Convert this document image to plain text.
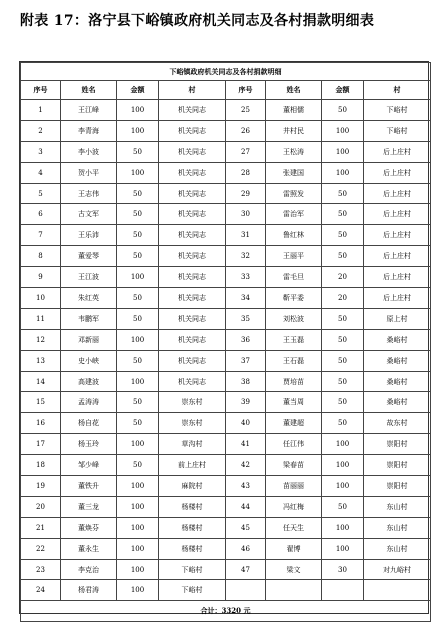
附表 17：洛宁县下峪镇政府机关同志及各村捐款明细表
下峪镇政府机关同志及各村捐款明细							
序号	姓名	金额	村	序号	姓名	金额	村
1	王江峰	100	机关同志	25	董相儒	50	下峪村
2	李青海	100	机关同志	26	井村民	100	下峪村
3	李小波	50	机关同志	27	王松涛	100	后上庄村
4	贺小平	100	机关同志	28	张建国	100	后上庄村
5	王志伟	50	机关同志	29	雷照发	50	后上庄村
6	古文军	50	机关同志	30	雷治军	50	后上庄村
7	王乐沛	50	机关同志	31	鲁红林	50	后上庄村
8	董爱琴	50	机关同志	32	王丽平	50	后上庄村
9	王江波	100	机关同志	33	雷毛旦	20	后上庄村
10	朱红英	50	机关同志	34	靳平委	20	后上庄村
11	韦鹏军	50	机关同志	35	刘松波	50	原上村
12	邓新丽	100	机关同志	36	王玉磊	50	桑峪村
13	史小峡	50	机关同志	37	王石磊	50	桑峪村
14	高建波	100	机关同志	38	贾培苗	50	桑峪村
15	孟涛涛	50	崇东村	39	董当周	50	桑峪村
16	杨自花	50	崇东村	40	董建超	50	故东村
17	杨玉玲	100	草沟村	41	任江伟	100	崇阳村
18	邹少峰	50	前上庄村	42	梁春苗	100	崇阳村
19	董铁升	100	麻院村	43	苗丽丽	100	崇阳村
20	董三龙	100	杨楼村	44	冯红梅	50	东山村
21	董焕芬	100	杨楼村	45	任天生	100	东山村
22	董永生	100	杨楼村	46	翟博	100	东山村
23	李克治	100	下峪村	47	梁文	30	对九峪村
24	杨君涛	100	下峪村				
合计：3320 元							
